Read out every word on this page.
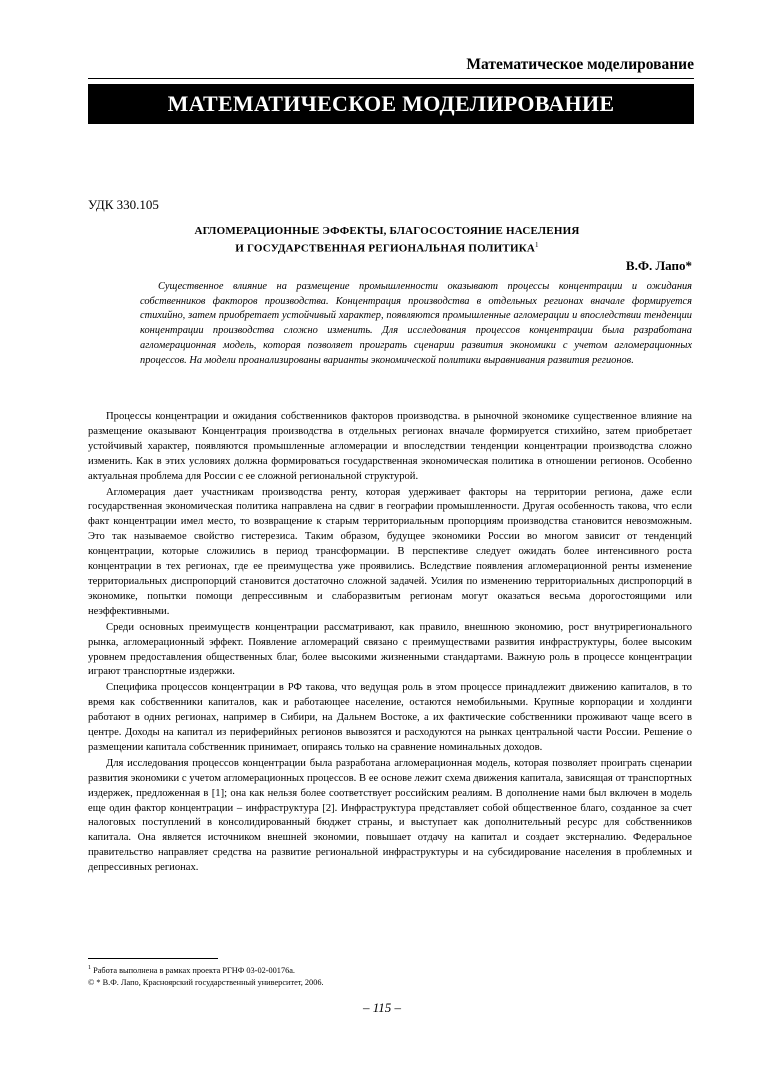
Математическое моделирование
МАТЕМАТИЧЕСКОЕ МОДЕЛИРОВАНИЕ
УДК 330.105
АГЛОМЕРАЦИОННЫЕ ЭФФЕКТЫ, БЛАГОСОСТОЯНИЕ НАСЕЛЕНИЯ
И ГОСУДАРСТВЕННАЯ РЕГИОНАЛЬНАЯ ПОЛИТИКА$^1$
В.Ф. Лапо*
Существенное влияние на размещение промышленности оказывают процессы концентрации и ожидания собственников факторов производства. Концентрация производства в отдельных регионах вначале формируется стихийно, затем приобретает устойчивый характер, появляются промышленные агломерации и впоследствии тенденции концентрации производства сложно изменить. Для исследования процессов концентрации была разработана агломерационная модель, которая позволяет проиграть сценарии развития экономики с учетом агломерационных процессов. На модели проанализированы варианты экономической политики выравнивания развития регионов.

Процессы концентрации и ожидания собственников факторов производства. в рыночной экономике существенное влияние на размещение оказывают Концентрация производства в отдельных регионах вначале формируется стихийно, затем приобретает устойчивый характер, появляются промышленные агломерации и впоследствии тенденции концентрации производства сложно изменить. Как в этих условиях должна формироваться государственная экономическая политика в отношении регионов. Особенно актуальная проблема для России с ее сложной региональной структурой.

Агломерация дает участникам производства ренту, которая удерживает факторы на территории региона, даже если государственная экономическая политика направлена на сдвиг в географии промышленности. Другая особенность такова, что если факт концентрации имел место, то возвращение к старым территориальным пропорциям производства становится невозможным. Это так называемое свойство гистерезиса. Таким образом, будущее экономики России во многом зависит от тенденций концентрации, которые сложились в период трансформации. В перспективе следует ожидать более интенсивного роста концентрации в тех регионах, где ее преимущества уже проявились. Вследствие появления агломерационной ренты изменение территориальных диспропорций становится достаточно сложной задачей. Усилия по изменению территориальных диспропорций в экономике, попытки помощи депрессивным и слаборазвитым регионам могут оказаться весьма дорогостоящими или неэффективными.

Среди основных преимуществ концентрации рассматривают, как правило, внешнюю экономию, рост внутрирегионального рынка, агломерационный эффект. Появление агломераций связано с преимуществами развития инфраструктуры, более высоким уровнем предоставления общественных благ, более высокими жизненными стандартами. Важную роль в процессе концентрации играют транспортные издержки.

Специфика процессов концентрации в РФ такова, что ведущая роль в этом процессе принадлежит движению капиталов, в то время как собственники капиталов, как и работающее население, остаются немобильными. Крупные корпорации и холдинги работают в одних регионах, например в Сибири, на Дальнем Востоке, а их фактические собственники проживают чаще всего в центре. Доходы на капитал из периферийных регионов вывозятся и расходуются на рынках центральной части России. Решение о размещении капитала собственник принимает, опираясь только на сравнение номинальных доходов.

Для исследования процессов концентрации была разработана агломерационная модель, которая позволяет проиграть сценарии развития экономики с учетом агломерационных процессов. В ее основе лежит схема движения капитала, зависящая от транспортных издержек, предложенная в [1]; она как нельзя более соответствует российским реалиям. В дополнение нами был включен в модель еще один фактор концентрации – инфраструктура [2]. Инфраструктура представляет собой общественное благо, созданное за счет налоговых поступлений в консолидированный бюджет страны, и выступает как дополнительный ресурс для собственников капитала. Она является источником внешней экономии, повышает отдачу на капитал и создает экстерналию. Федеральное правительство направляет средства на развитие региональной инфраструктуры и на субсидирование населения в проблемных и депрессивных регионах.

$^1$ Работа выполнена в рамках проекта РГНФ 03-02-00176а.
© * В.Ф. Лапо, Красноярский государственный университет, 2006.
– 115 –
